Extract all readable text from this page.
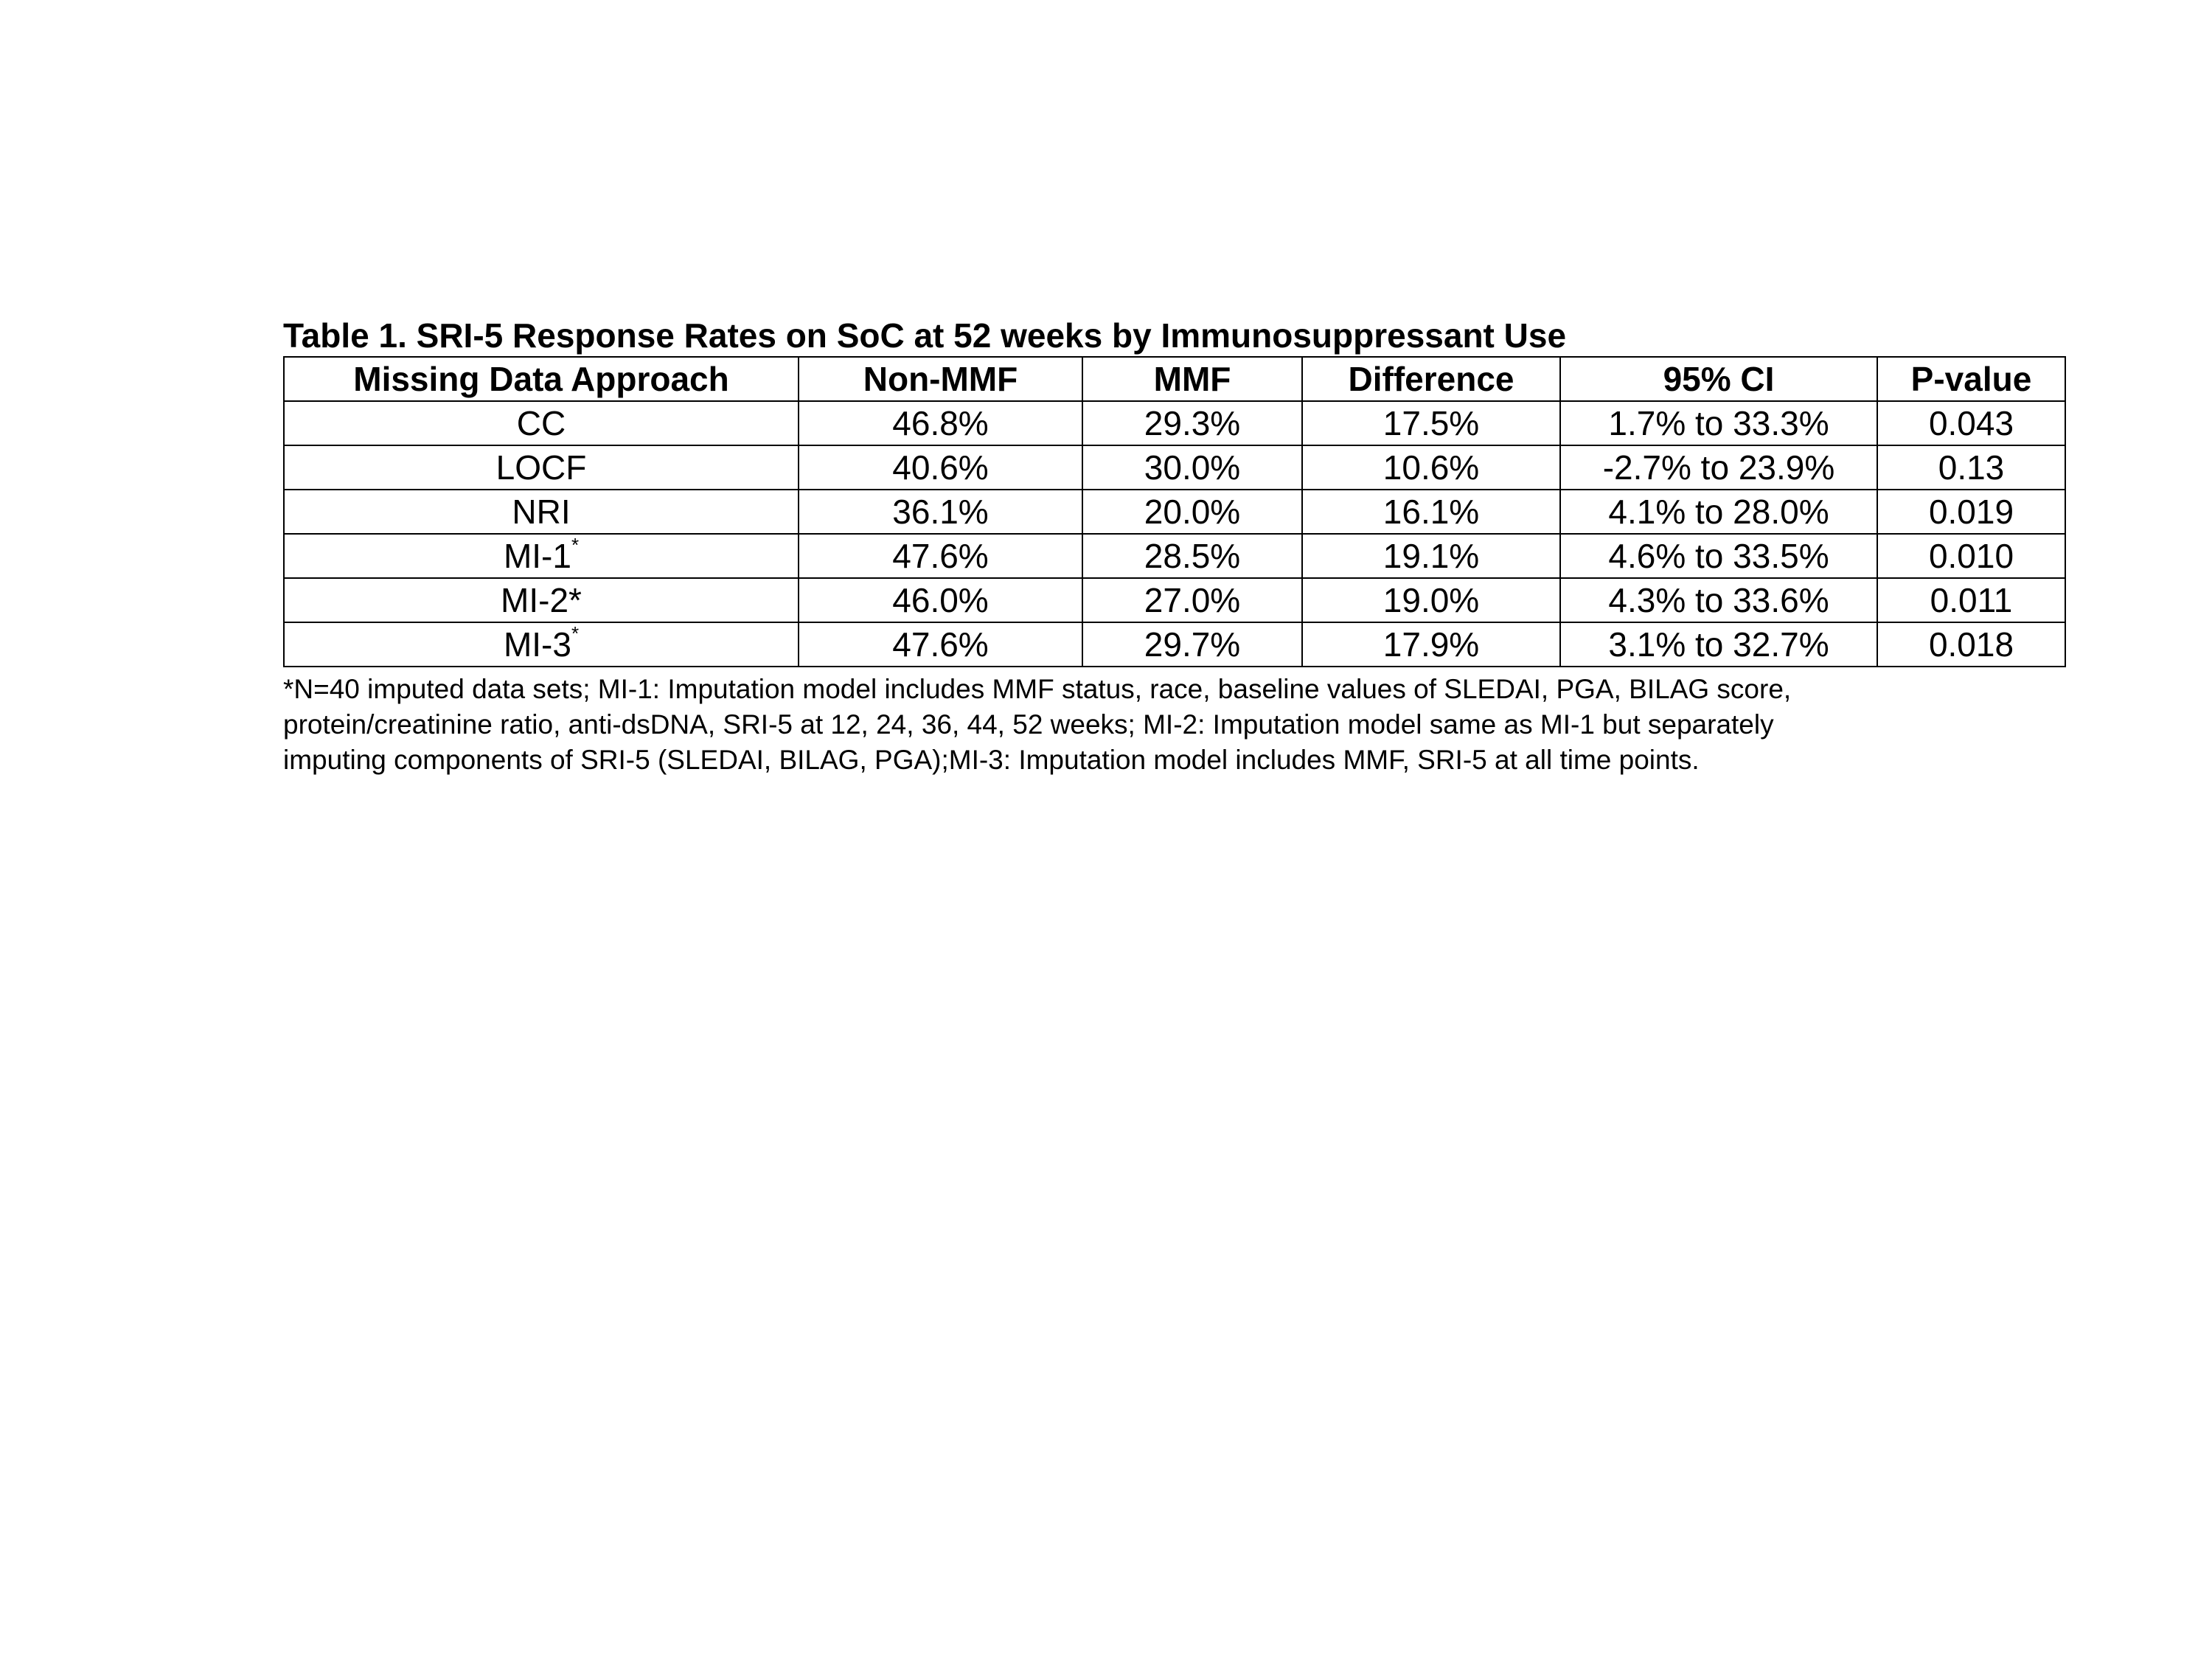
Table 1. SRI-5 Response Rates on SoC at 52 weeks by Immunosuppressant Use
Missing Data Approach	Non-MMF	MMF	Difference	95% CI	P-value
CC	46.8%	29.3%	17.5%	1.7% to 33.3%	0.043
LOCF	40.6%	30.0%	10.6%	-2.7% to 23.9%	0.13
NRI	36.1%	20.0%	16.1%	4.1% to 28.0%	0.019
MI-1*	47.6%	28.5%	19.1%	4.6% to 33.5%	0.010
MI-2*	46.0%	27.0%	19.0%	4.3% to 33.6%	0.011
MI-3*	47.6%	29.7%	17.9%	3.1% to 32.7%	0.018

*N=40 imputed data sets; MI-1: Imputation model includes MMF status, race, baseline values of SLEDAI, PGA, BILAG score,

protein/creatinine ratio, anti-dsDNA, SRI-5 at 12, 24, 36, 44, 52 weeks; MI-2: Imputation model same as MI-1 but separately

imputing components of SRI-5 (SLEDAI, BILAG, PGA);MI-3: Imputation model includes MMF, SRI-5 at all time points.
